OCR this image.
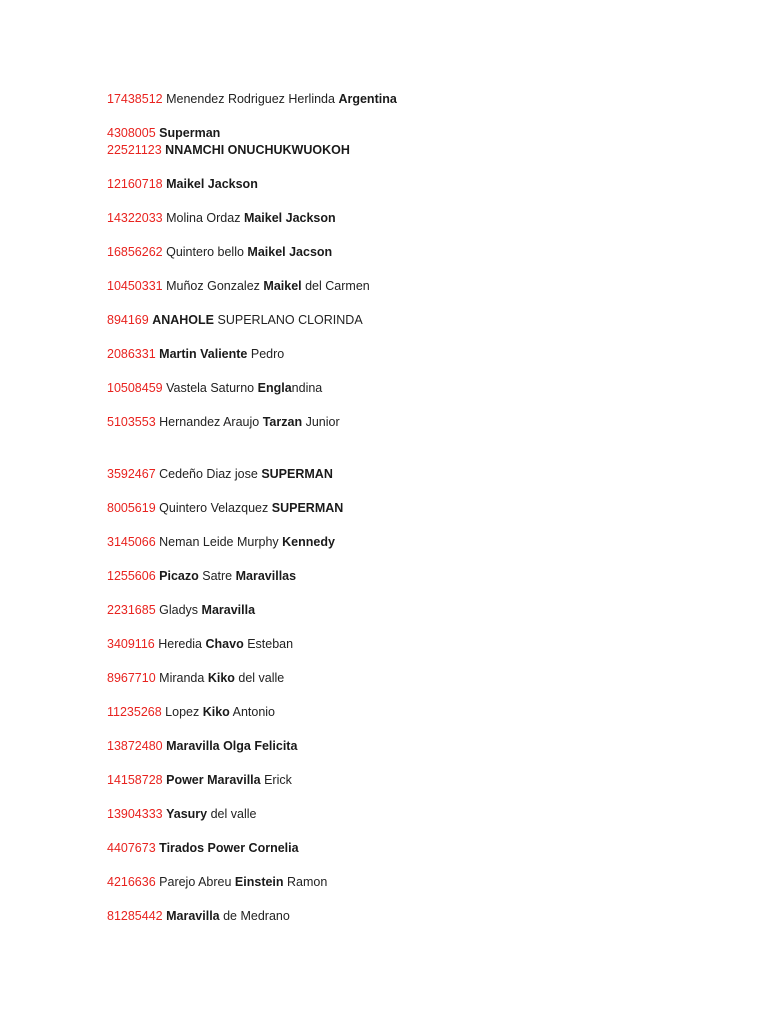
17438512 Menendez Rodriguez Herlinda Argentina
4308005 Superman
22521123 NNAMCHI ONUCHUKWUOKOH
12160718 Maikel Jackson
14322033 Molina Ordaz Maikel Jackson
16856262 Quintero bello Maikel Jacson
10450331 Muñoz Gonzalez Maikel del Carmen
894169 ANAHOLE SUPERLANO CLORINDA
2086331 Martin Valiente Pedro
10508459 Vastela Saturno Englandina
5103553 Hernandez Araujo Tarzan Junior
3592467 Cedeño Diaz jose SUPERMAN
8005619 Quintero Velazquez SUPERMAN
3145066 Neman Leide Murphy Kennedy
1255606 Picazo Satre Maravillas
2231685 Gladys Maravilla
3409116 Heredia Chavo Esteban
8967710 Miranda Kiko del valle
11235268 Lopez Kiko Antonio
13872480 Maravilla Olga Felicita
14158728 Power Maravilla Erick
13904333 Yasury del valle
4407673 Tirados Power Cornelia
4216636 Parejo Abreu Einstein Ramon
81285442 Maravilla de Medrano
